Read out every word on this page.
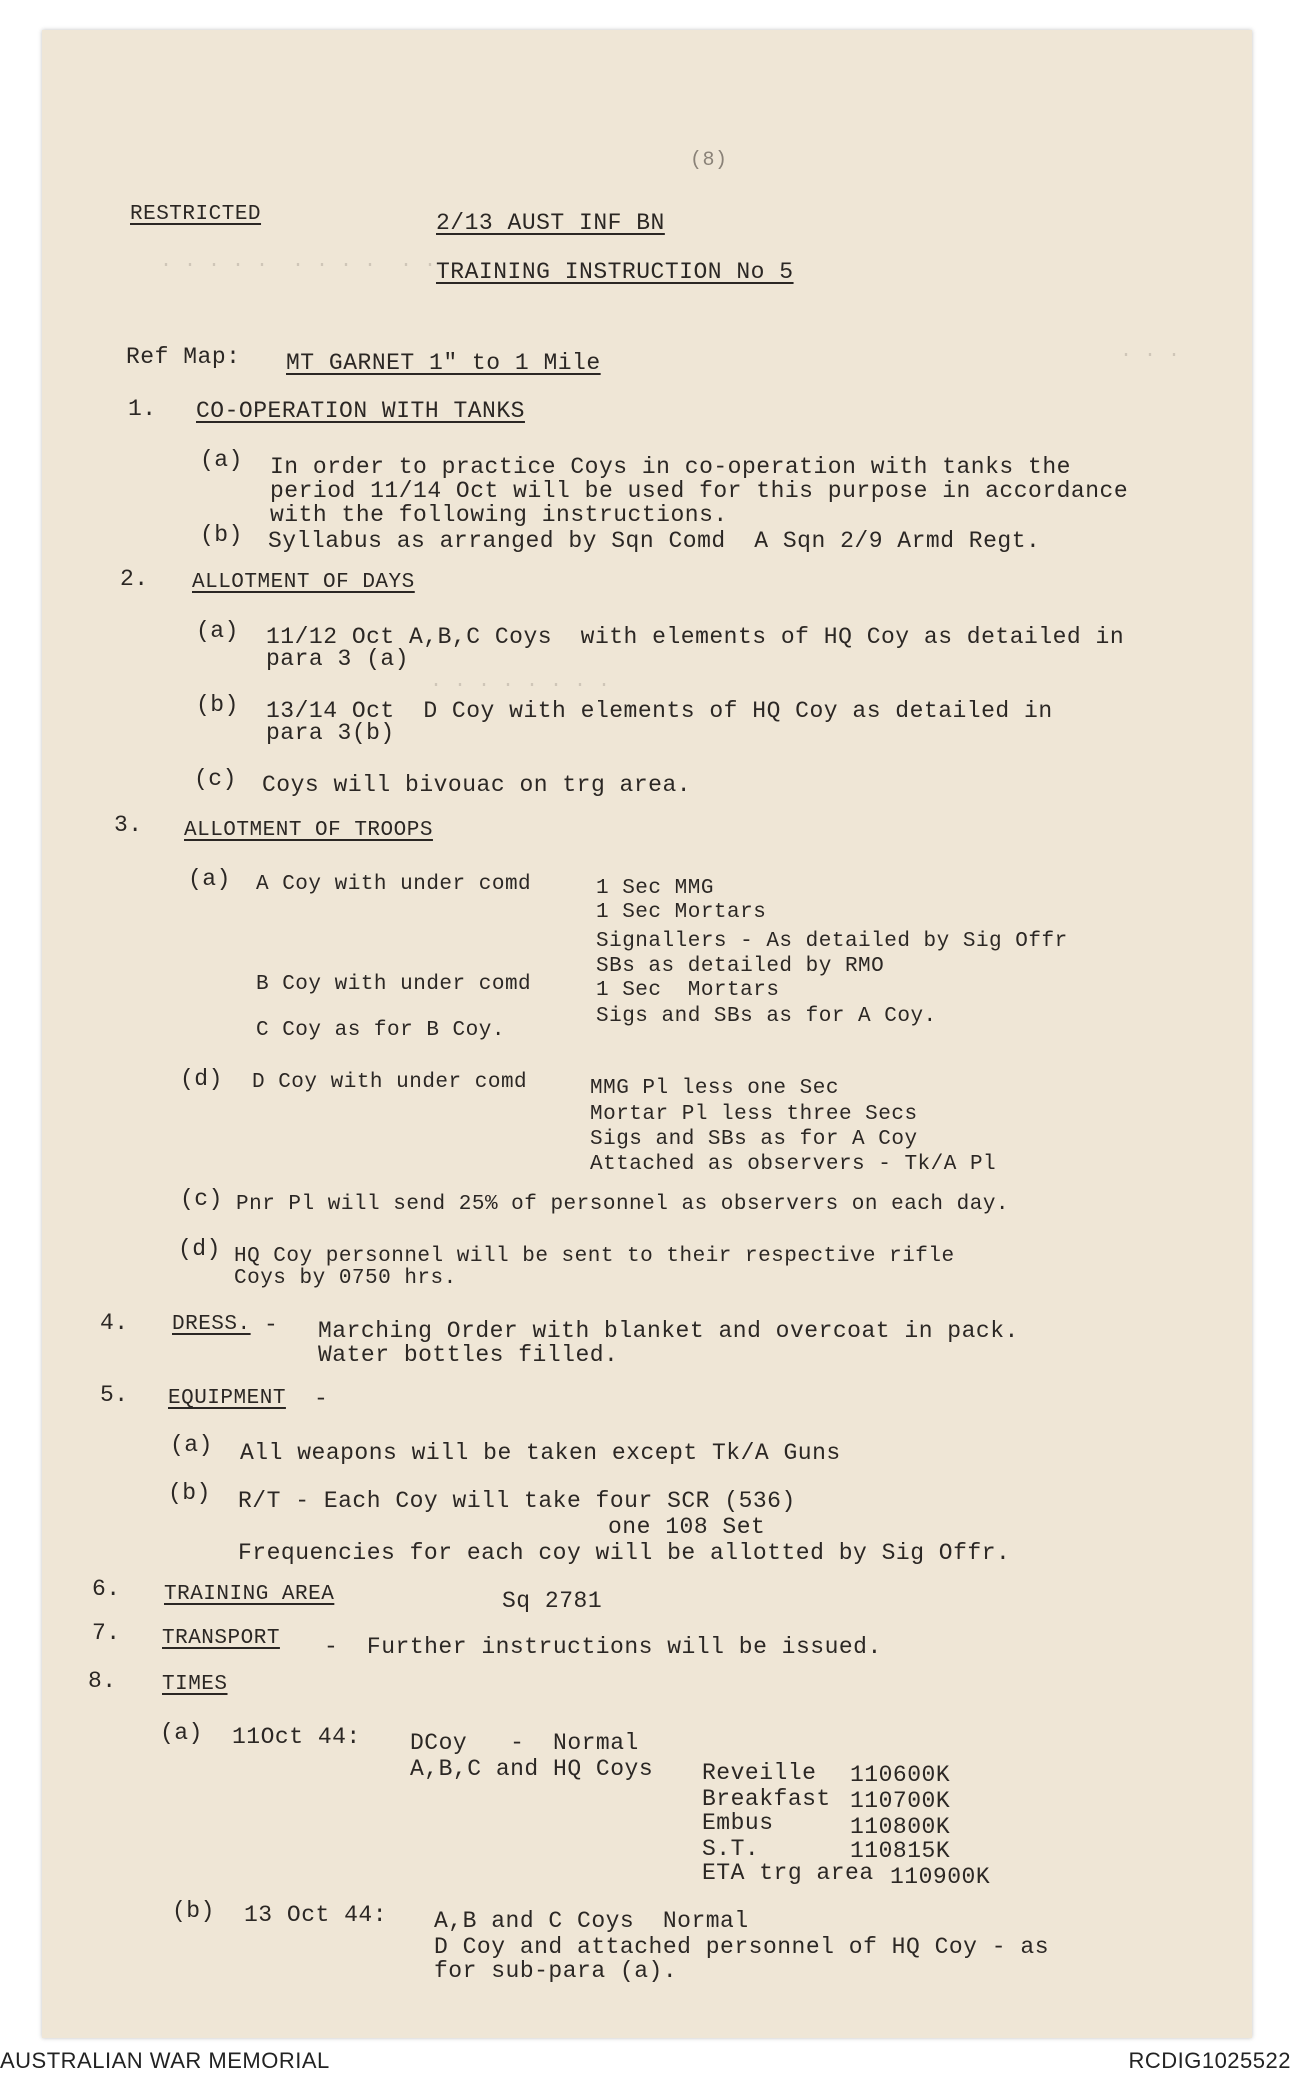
. . . . .  . . . .  . .
. . . . . . . .
. . .
(8)
RESTRICTED	2/13 AUST INF BN
TRAINING INSTRUCTION No 5
Ref Map: MT GARNET 1" to 1 Mile
1. CO-OPERATION WITH TANKS
(a) In order to practice Coys in co-operation with tanks the
period 11/14 Oct will be used for this purpose in accordance
with the following instructions.
(b) Syllabus as arranged by Sqn Comd  A Sqn 2/9 Armd Regt.
2. ALLOTMENT OF DAYS
(a) 11/12 Oct A,B,C Coys  with elements of HQ Coy as detailed in
para 3 (a)
(b) 13/14 Oct  D Coy with elements of HQ Coy as detailed in
para 3(b)
(c) Coys will bivouac on trg area.
3. ALLOTMENT OF TROOPS
(a) A Coy with under comd	1 Sec MMG
1 Sec Mortars
Signallers - As detailed by Sig Offr
SBs as detailed by RMO
B Coy with under comd	1 Sec  Mortars
Sigs and SBs as for A Coy.
C Coy as for B Coy.
(d) D Coy with under comd	MMG Pl less one Sec
Mortar Pl less three Secs
Sigs and SBs as for A Coy
Attached as observers - Tk/A Pl
(c) Pnr Pl will send 25% of personnel as observers on each day.
(d) HQ Coy personnel will be sent to their respective rifle
Coys by 0750 hrs.
4. DRESS. - Marching Order with blanket and overcoat in pack.
Water bottles filled.
5. EQUIPMENT -
(a) All weapons will be taken except Tk/A Guns
(b) R/T - Each Coy will take four SCR (536)
one 108 Set
Frequencies for each coy will be allotted by Sig Offr.
6. TRAINING AREA	Sq 2781
7. TRANSPORT -  Further instructions will be issued.
8. TIMES
(a) 11Oct 44: DCoy   -  Normal
A,B,C and HQ Coys Reveille 110600K
Breakfast 110700K
Embus	110800K
S.T.	110815K
ETA trg area 110900K
(b) 13 Oct 44: A,B and C Coys  Normal
D Coy and attached personnel of HQ Coy - as
for sub-para (a).
AUSTRALIAN WAR MEMORIAL	RCDIG1025522
